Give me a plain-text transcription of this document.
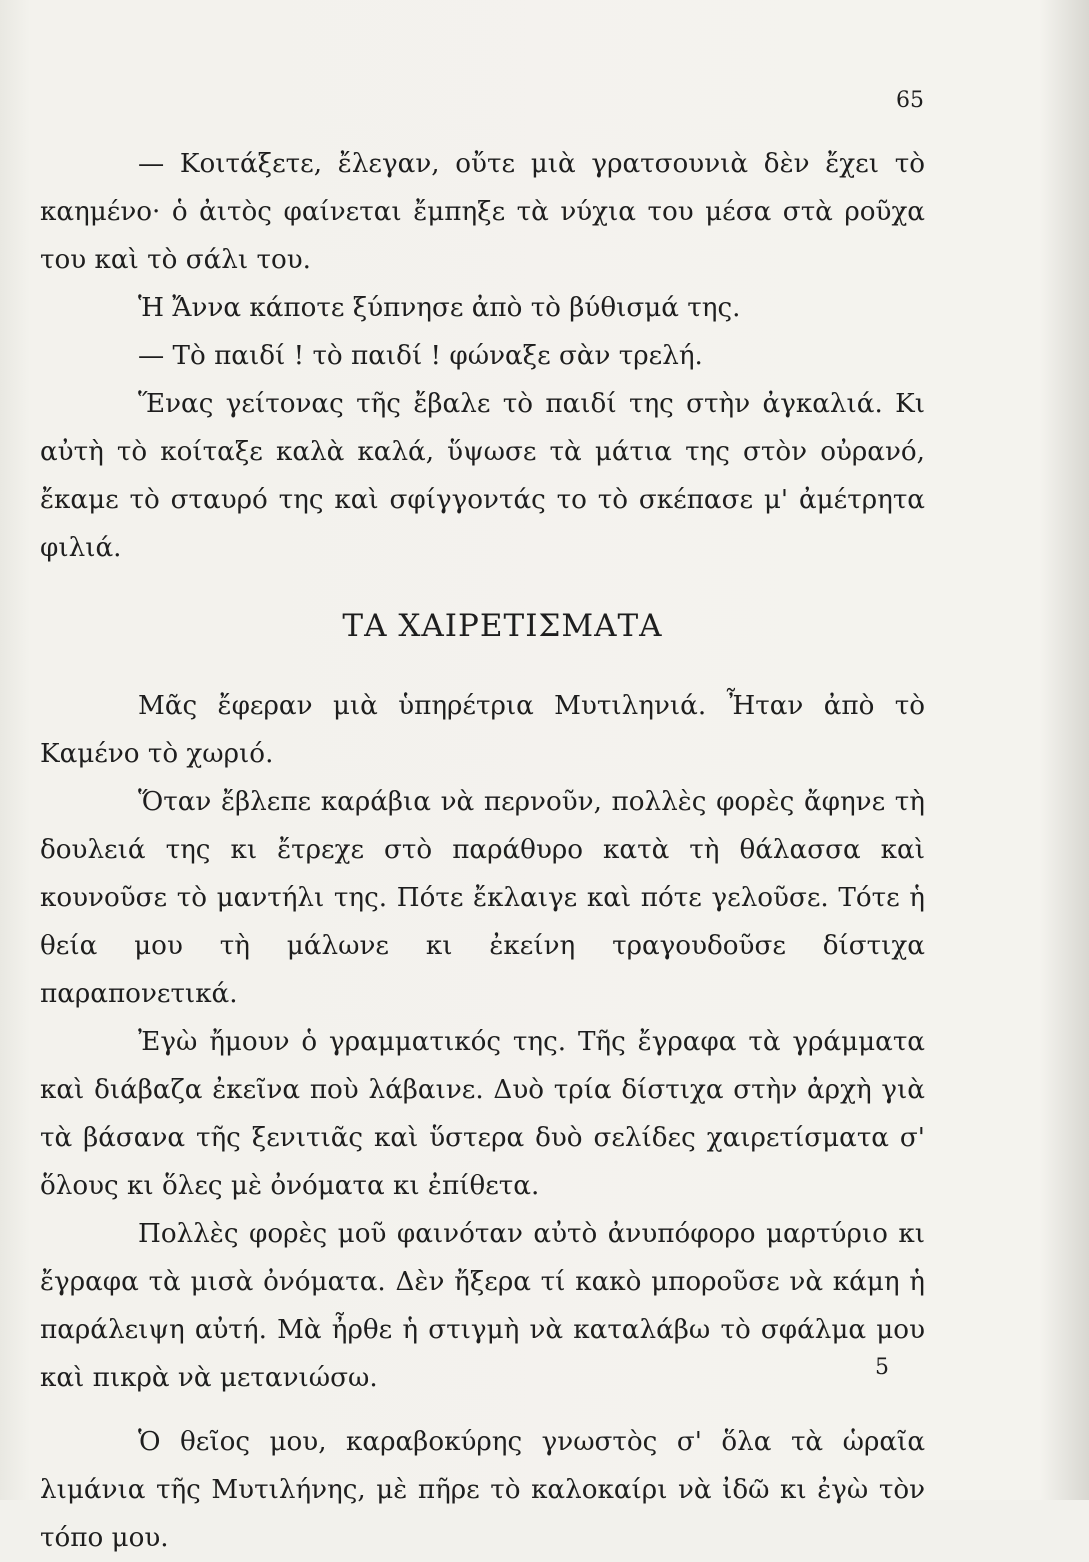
65

— Κοιτάξετε, ἔλεγαν, οὔτε μιὰ γρατσουνιὰ δὲν ἔχει τὸ καημένο· ὁ ἀιτὸς φαίνεται ἔμπηξε τὰ νύχια του μέσα στὰ ροῦχα του καὶ τὸ σάλι του.

Ἡ Ἄννα κάποτε ξύπνησε ἀπὸ τὸ βύθισμά της.

— Τὸ παιδί ! τὸ παιδί ! φώναξε σὰν τρελή.

Ἕνας γείτονας τῆς ἔβαλε τὸ παιδί της στὴν ἀγκαλιά. Κι αὐτὴ τὸ κοίταξε καλὰ καλά, ὕψωσε τὰ μάτια της στὸν οὐρανό, ἔκαμε τὸ σταυρό της καὶ σφίγγοντάς το τὸ σκέπασε μ' ἀμέτρητα φιλιά.

ΤΑ ΧΑΙΡΕΤΙΣΜΑΤΑ

Μᾶς ἔφεραν μιὰ ὑπηρέτρια Μυτιληνιά. Ἦταν ἀπὸ τὸ Καμένο τὸ χωριό.

Ὅταν ἔβλεπε καράβια νὰ περνοῦν, πολλὲς φορὲς ἄφηνε τὴ δουλειά της κι ἔτρεχε στὸ παράθυρο κατὰ τὴ θάλασσα καὶ κουνοῦσε τὸ μαντήλι της. Πότε ἔκλαιγε καὶ πότε γελοῦσε. Τότε ἡ θεία μου τὴ μάλωνε κι ἐκείνη τραγουδοῦσε δίστιχα παραπονετικά.

Ἐγὼ ἤμουν ὁ γραμματικός της. Τῆς ἔγραφα τὰ γράμματα καὶ διάβαζα ἐκεῖνα ποὺ λάβαινε. Δυὸ τρία δίστιχα στὴν ἀρχὴ γιὰ τὰ βάσανα τῆς ξενιτιᾶς καὶ ὕστερα δυὸ σελίδες χαιρετίσματα σ' ὅλους κι ὅλες μὲ ὀνόματα κι ἐπίθετα.

Πολλὲς φορὲς μοῦ φαινόταν αὐτὸ ἀνυπόφορο μαρτύριο κι ἔγραφα τὰ μισὰ ὀνόματα. Δὲν ἤξερα τί κακὸ μποροῦσε νὰ κάμη ἡ παράλειψη αὐτή. Μὰ ἦρθε ἡ στιγμὴ νὰ καταλάβω τὸ σφάλμα μου καὶ πικρὰ νὰ μετανιώσω.

Ὁ θεῖος μου, καραβοκύρης γνωστὸς σ' ὅλα τὰ ὡραῖα λιμάνια τῆς Μυτιλήνης, μὲ πῆρε τὸ καλοκαίρι νὰ ἰδῶ κι ἐγὼ τὸν τόπο μου.

5
